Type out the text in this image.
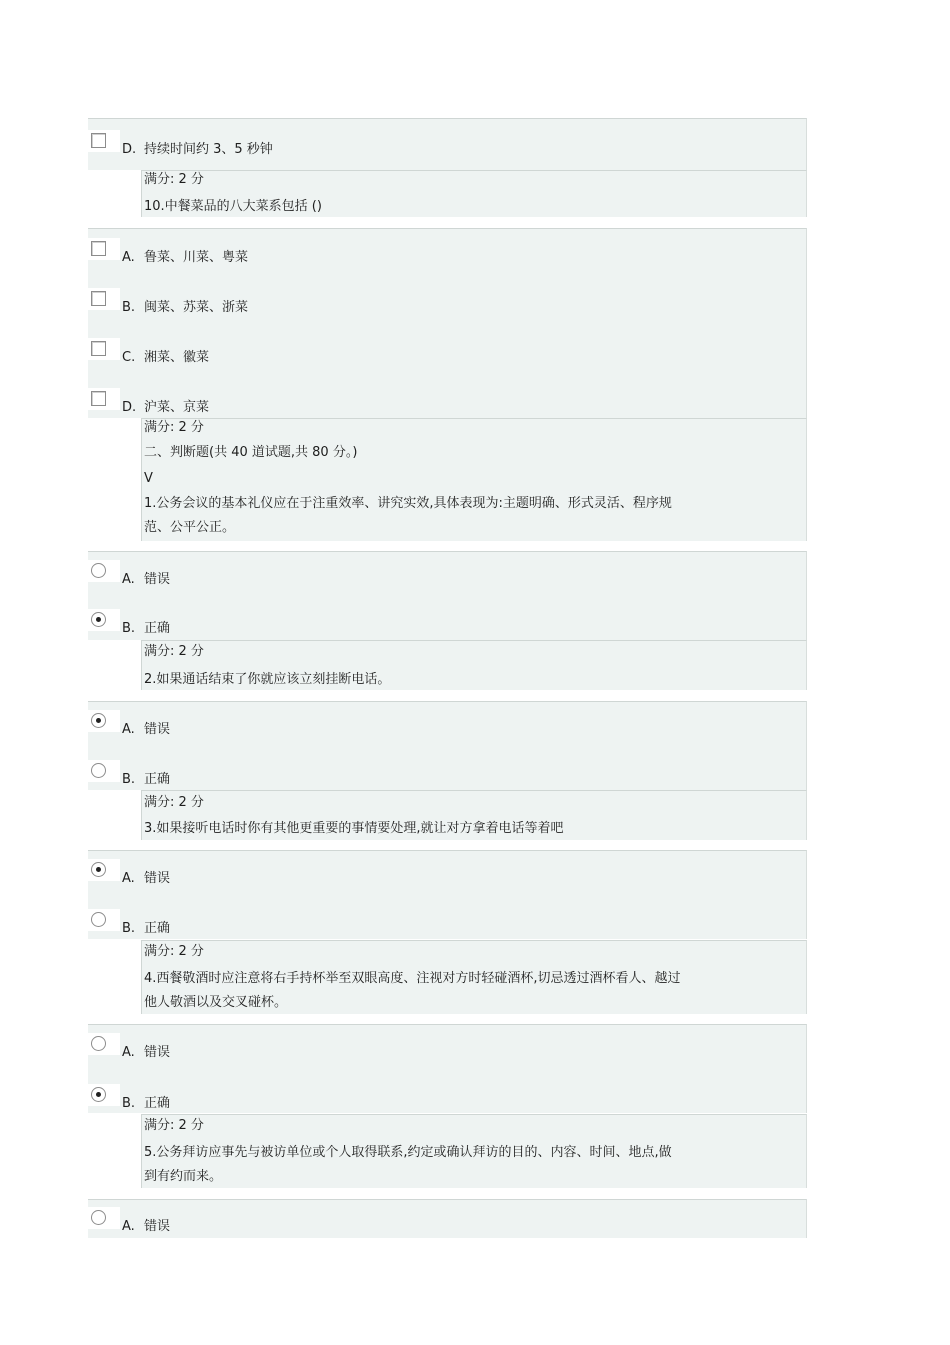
D. 持续时间约 3、5 秒钟
满分: 2 分
10.中餐菜品的八大菜系包括 ()
A. 鲁菜、川菜、粤菜
B. 闽菜、苏菜、浙菜
C. 湘菜、徽菜
D. 沪菜、京菜
满分: 2 分
二、判断题(共 40 道试题,共 80 分。)
V
1.公务会议的基本礼仪应在于注重效率、讲究实效,具体表现为:主题明确、形式灵活、程序规
范、公平公正。
A. 错误
B. 正确
满分: 2 分
2.如果通话结束了你就应该立刻挂断电话。
A. 错误
B. 正确
满分: 2 分
3.如果接听电话时你有其他更重要的事情要处理,就让对方拿着电话等着吧
A. 错误
B. 正确
满分: 2 分
4.西餐敬酒时应注意将右手持杯举至双眼高度、注视对方时轻碰酒杯,切忌透过酒杯看人、越过
他人敬酒以及交叉碰杯。
A. 错误
B. 正确
满分: 2 分
5.公务拜访应事先与被访单位或个人取得联系,约定或确认拜访的目的、内容、时间、地点,做
到有约而来。
A. 错误
